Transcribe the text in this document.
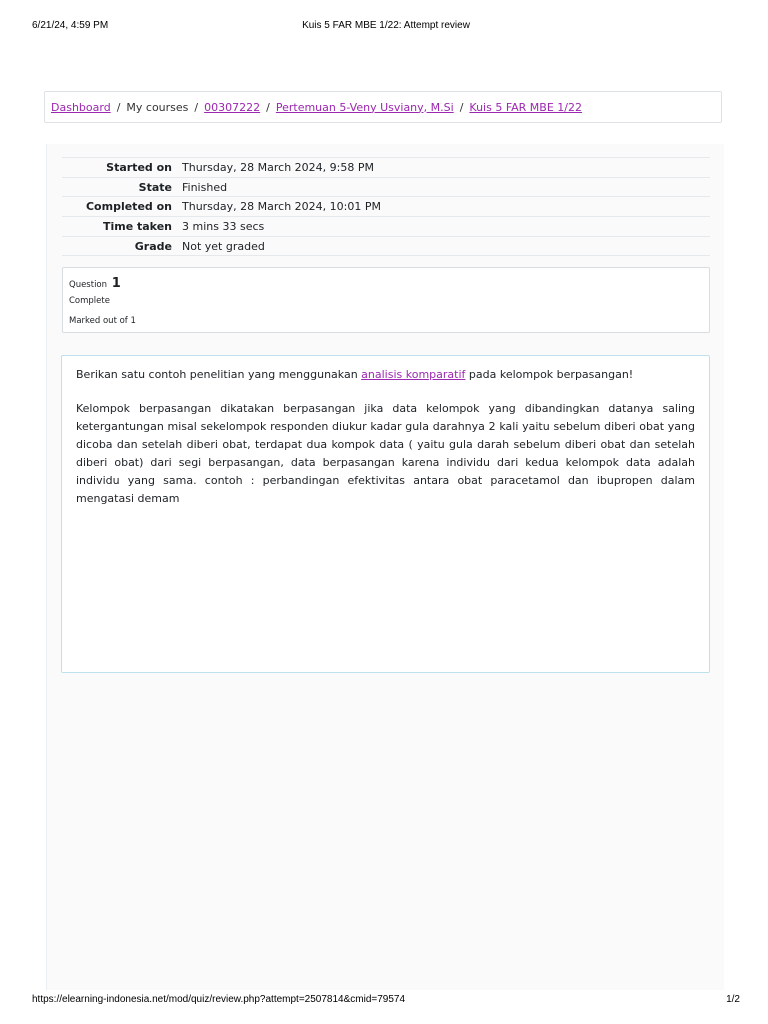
6/21/24, 4:59 PM	Kuis 5 FAR MBE 1/22: Attempt review
Dashboard / My courses / 00307222 / Pertemuan 5-Veny Usviany, M.Si / Kuis 5 FAR MBE 1/22
Started on	Thursday, 28 March 2024, 9:58 PM
State	Finished
Completed on	Thursday, 28 March 2024, 10:01 PM
Time taken	3 mins 33 secs
Grade	Not yet graded
Question 1
Complete
Marked out of 1
Berikan satu contoh penelitian yang menggunakan analisis komparatif pada kelompok berpasangan!
Kelompok berpasangan dikatakan berpasangan jika data kelompok yang dibandingkan datanya saling ketergantungan misal sekelompok responden diukur kadar gula darahnya 2 kali yaitu sebelum diberi obat yang dicoba dan setelah diberi obat, terdapat dua kompok data ( yaitu gula darah sebelum diberi obat dan setelah diberi obat) dari segi berpasangan, data berpasangan karena individu dari kedua kelompok data adalah individu yang sama. contoh : perbandingan efektivitas antara obat paracetamol dan ibupropen dalam mengatasi demam
https://elearning-indonesia.net/mod/quiz/review.php?attempt=2507814&cmid=79574	1/2
